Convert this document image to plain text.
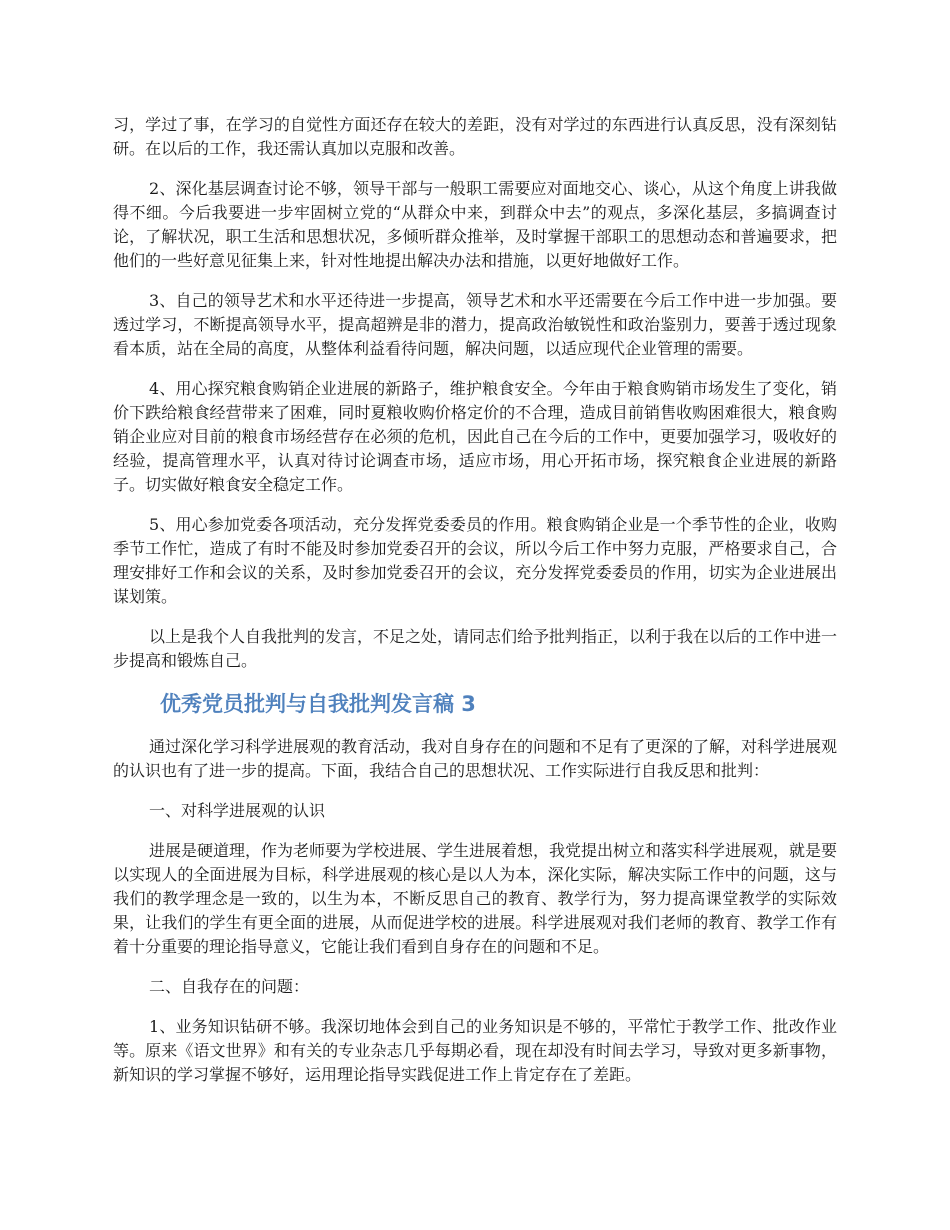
习，学过了事，在学习的自觉性方面还存在较大的差距，没有对学过的东西进行认真反思，没有深刻钻研。在以后的工作，我还需认真加以克服和改善。

2、深化基层调查讨论不够，领导干部与一般职工需要应对面地交心、谈心，从这个角度上讲我做得不细。今后我要进一步牢固树立党的“从群众中来，到群众中去”的观点，多深化基层，多搞调查讨论，了解状况，职工生活和思想状况，多倾听群众推举，及时掌握干部职工的思想动态和普遍要求，把他们的一些好意见征集上来，针对性地提出解决办法和措施，以更好地做好工作。

3、自己的领导艺术和水平还待进一步提高，领导艺术和水平还需要在今后工作中进一步加强。要透过学习，不断提高领导水平，提高超辨是非的潜力，提高政治敏锐性和政治鉴别力，要善于透过现象看本质，站在全局的高度，从整体利益看待问题，解决问题，以适应现代企业管理的需要。

4、用心探究粮食购销企业进展的新路子，维护粮食安全。今年由于粮食购销市场发生了变化，销价下跌给粮食经营带来了困难，同时夏粮收购价格定价的不合理，造成目前销售收购困难很大，粮食购销企业应对目前的粮食市场经营存在必须的危机，因此自己在今后的工作中，更要加强学习，吸收好的经验，提高管理水平，认真对待讨论调查市场，适应市场，用心开拓市场，探究粮食企业进展的新路子。切实做好粮食安全稳定工作。

5、用心参加党委各项活动，充分发挥党委委员的作用。粮食购销企业是一个季节性的企业，收购季节工作忙，造成了有时不能及时参加党委召开的会议，所以今后工作中努力克服，严格要求自己，合理安排好工作和会议的关系，及时参加党委召开的会议，充分发挥党委委员的作用，切实为企业进展出谋划策。

以上是我个人自我批判的发言，不足之处，请同志们给予批判指正，以利于我在以后的工作中进一步提高和锻炼自己。

优秀党员批判与自我批判发言稿 3

通过深化学习科学进展观的教育活动，我对自身存在的问题和不足有了更深的了解，对科学进展观的认识也有了进一步的提高。下面，我结合自己的思想状况、工作实际进行自我反思和批判：

一、对科学进展观的认识

进展是硬道理，作为老师要为学校进展、学生进展着想，我党提出树立和落实科学进展观，就是要以实现人的全面进展为目标，科学进展观的核心是以人为本，深化实际，解决实际工作中的问题，这与我们的教学理念是一致的，以生为本，不断反思自己的教育、教学行为，努力提高课堂教学的实际效果，让我们的学生有更全面的进展，从而促进学校的进展。科学进展观对我们老师的教育、教学工作有着十分重要的理论指导意义，它能让我们看到自身存在的问题和不足。

二、自我存在的问题：

1、业务知识钻研不够。我深切地体会到自己的业务知识是不够的，平常忙于教学工作、批改作业等。原来《语文世界》和有关的专业杂志几乎每期必看，现在却没有时间去学习，导致对更多新事物，新知识的学习掌握不够好，运用理论指导实践促进工作上肯定存在了差距。
